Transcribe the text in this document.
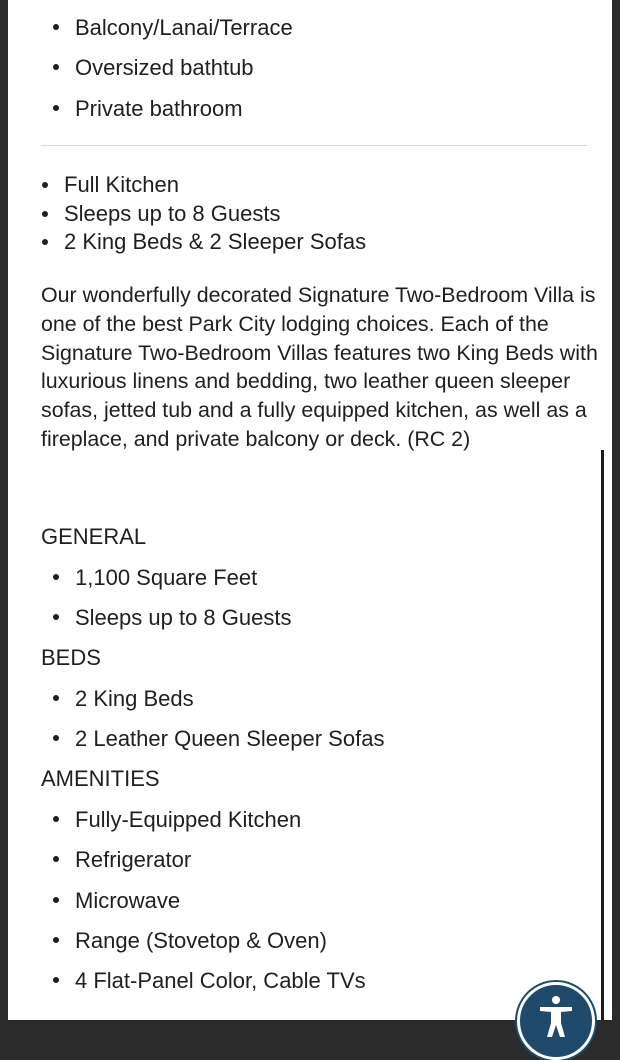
Balcony/Lanai/Terrace
Oversized bathtub
Private bathroom
Full Kitchen
Sleeps up to 8 Guests
2 King Beds & 2 Sleeper Sofas

Our wonderfully decorated Signature Two-Bedroom Villa is one of the best Park City lodging choices. Each of the Signature Two-Bedroom Villas features two King Beds with luxurious linens and bedding, two leather queen sleeper sofas, jetted tub and a fully equipped kitchen, as well as a fireplace, and private balcony or deck. (RC 2)

GENERAL
1,100 Square Feet
Sleeps up to 8 Guests
BEDS
2 King Beds
2 Leather Queen Sleeper Sofas
AMENITIES
Fully-Equipped Kitchen
Refrigerator
Microwave
Range (Stovetop & Oven)
4 Flat-Panel Color, Cable TVs
